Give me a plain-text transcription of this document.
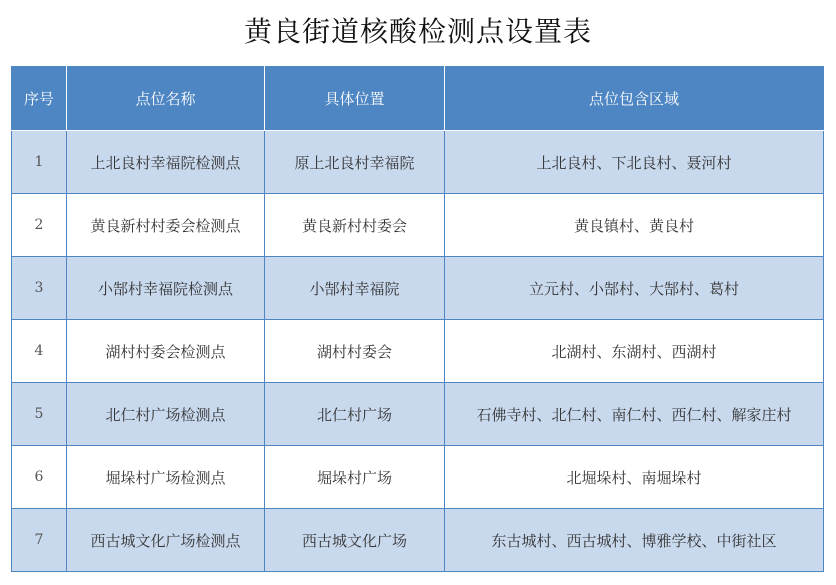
黄良街道核酸检测点设置表
序号	点位名称	具体位置	点位包含区域
1	上北良村幸福院检测点	原上北良村幸福院	上北良村、下北良村、聂河村
2	黄良新村村委会检测点	黄良新村村委会	黄良镇村、黄良村
3	小郜村幸福院检测点	小郜村幸福院	立元村、小郜村、大郜村、葛村
4	湖村村委会检测点	湖村村委会	北湖村、东湖村、西湖村
5	北仁村广场检测点	北仁村广场	石佛寺村、北仁村、南仁村、西仁村、解家庄村
6	堀垛村广场检测点	堀垛村广场	北堀垛村、南堀垛村
7	西古城文化广场检测点	西古城文化广场	东古城村、西古城村、博雅学校、中街社区
